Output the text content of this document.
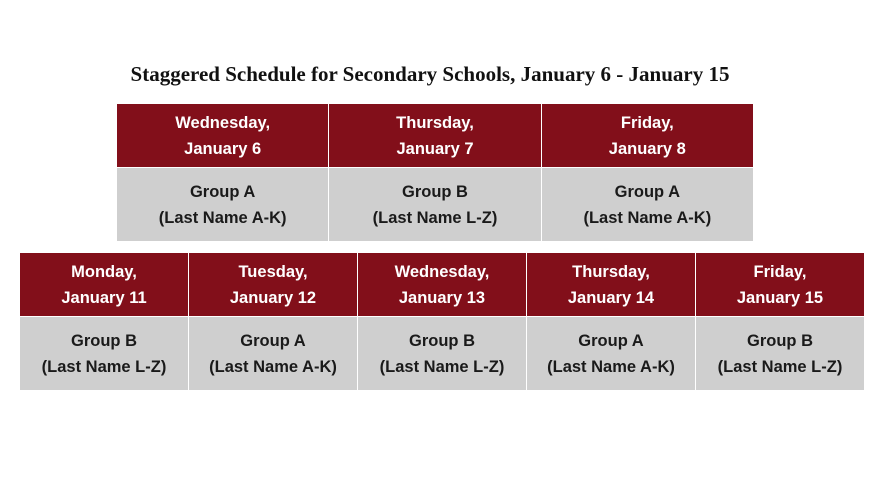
Staggered Schedule for Secondary Schools, January 6 - January 15
Wednesday,
January 6	Thursday,
January 7	Friday,
January 8

Group A
(Last Name A-K)	Group B
(Last Name L-Z)	Group A
(Last Name A-K)
Monday,
January 11	Tuesday,
January 12	Wednesday,
January 13	Thursday,
January 14	Friday,
January 15

Group B
(Last Name L-Z)	Group A
(Last Name A-K)	Group B
(Last Name L-Z)	Group A
(Last Name A-K)	Group B
(Last Name L-Z)
